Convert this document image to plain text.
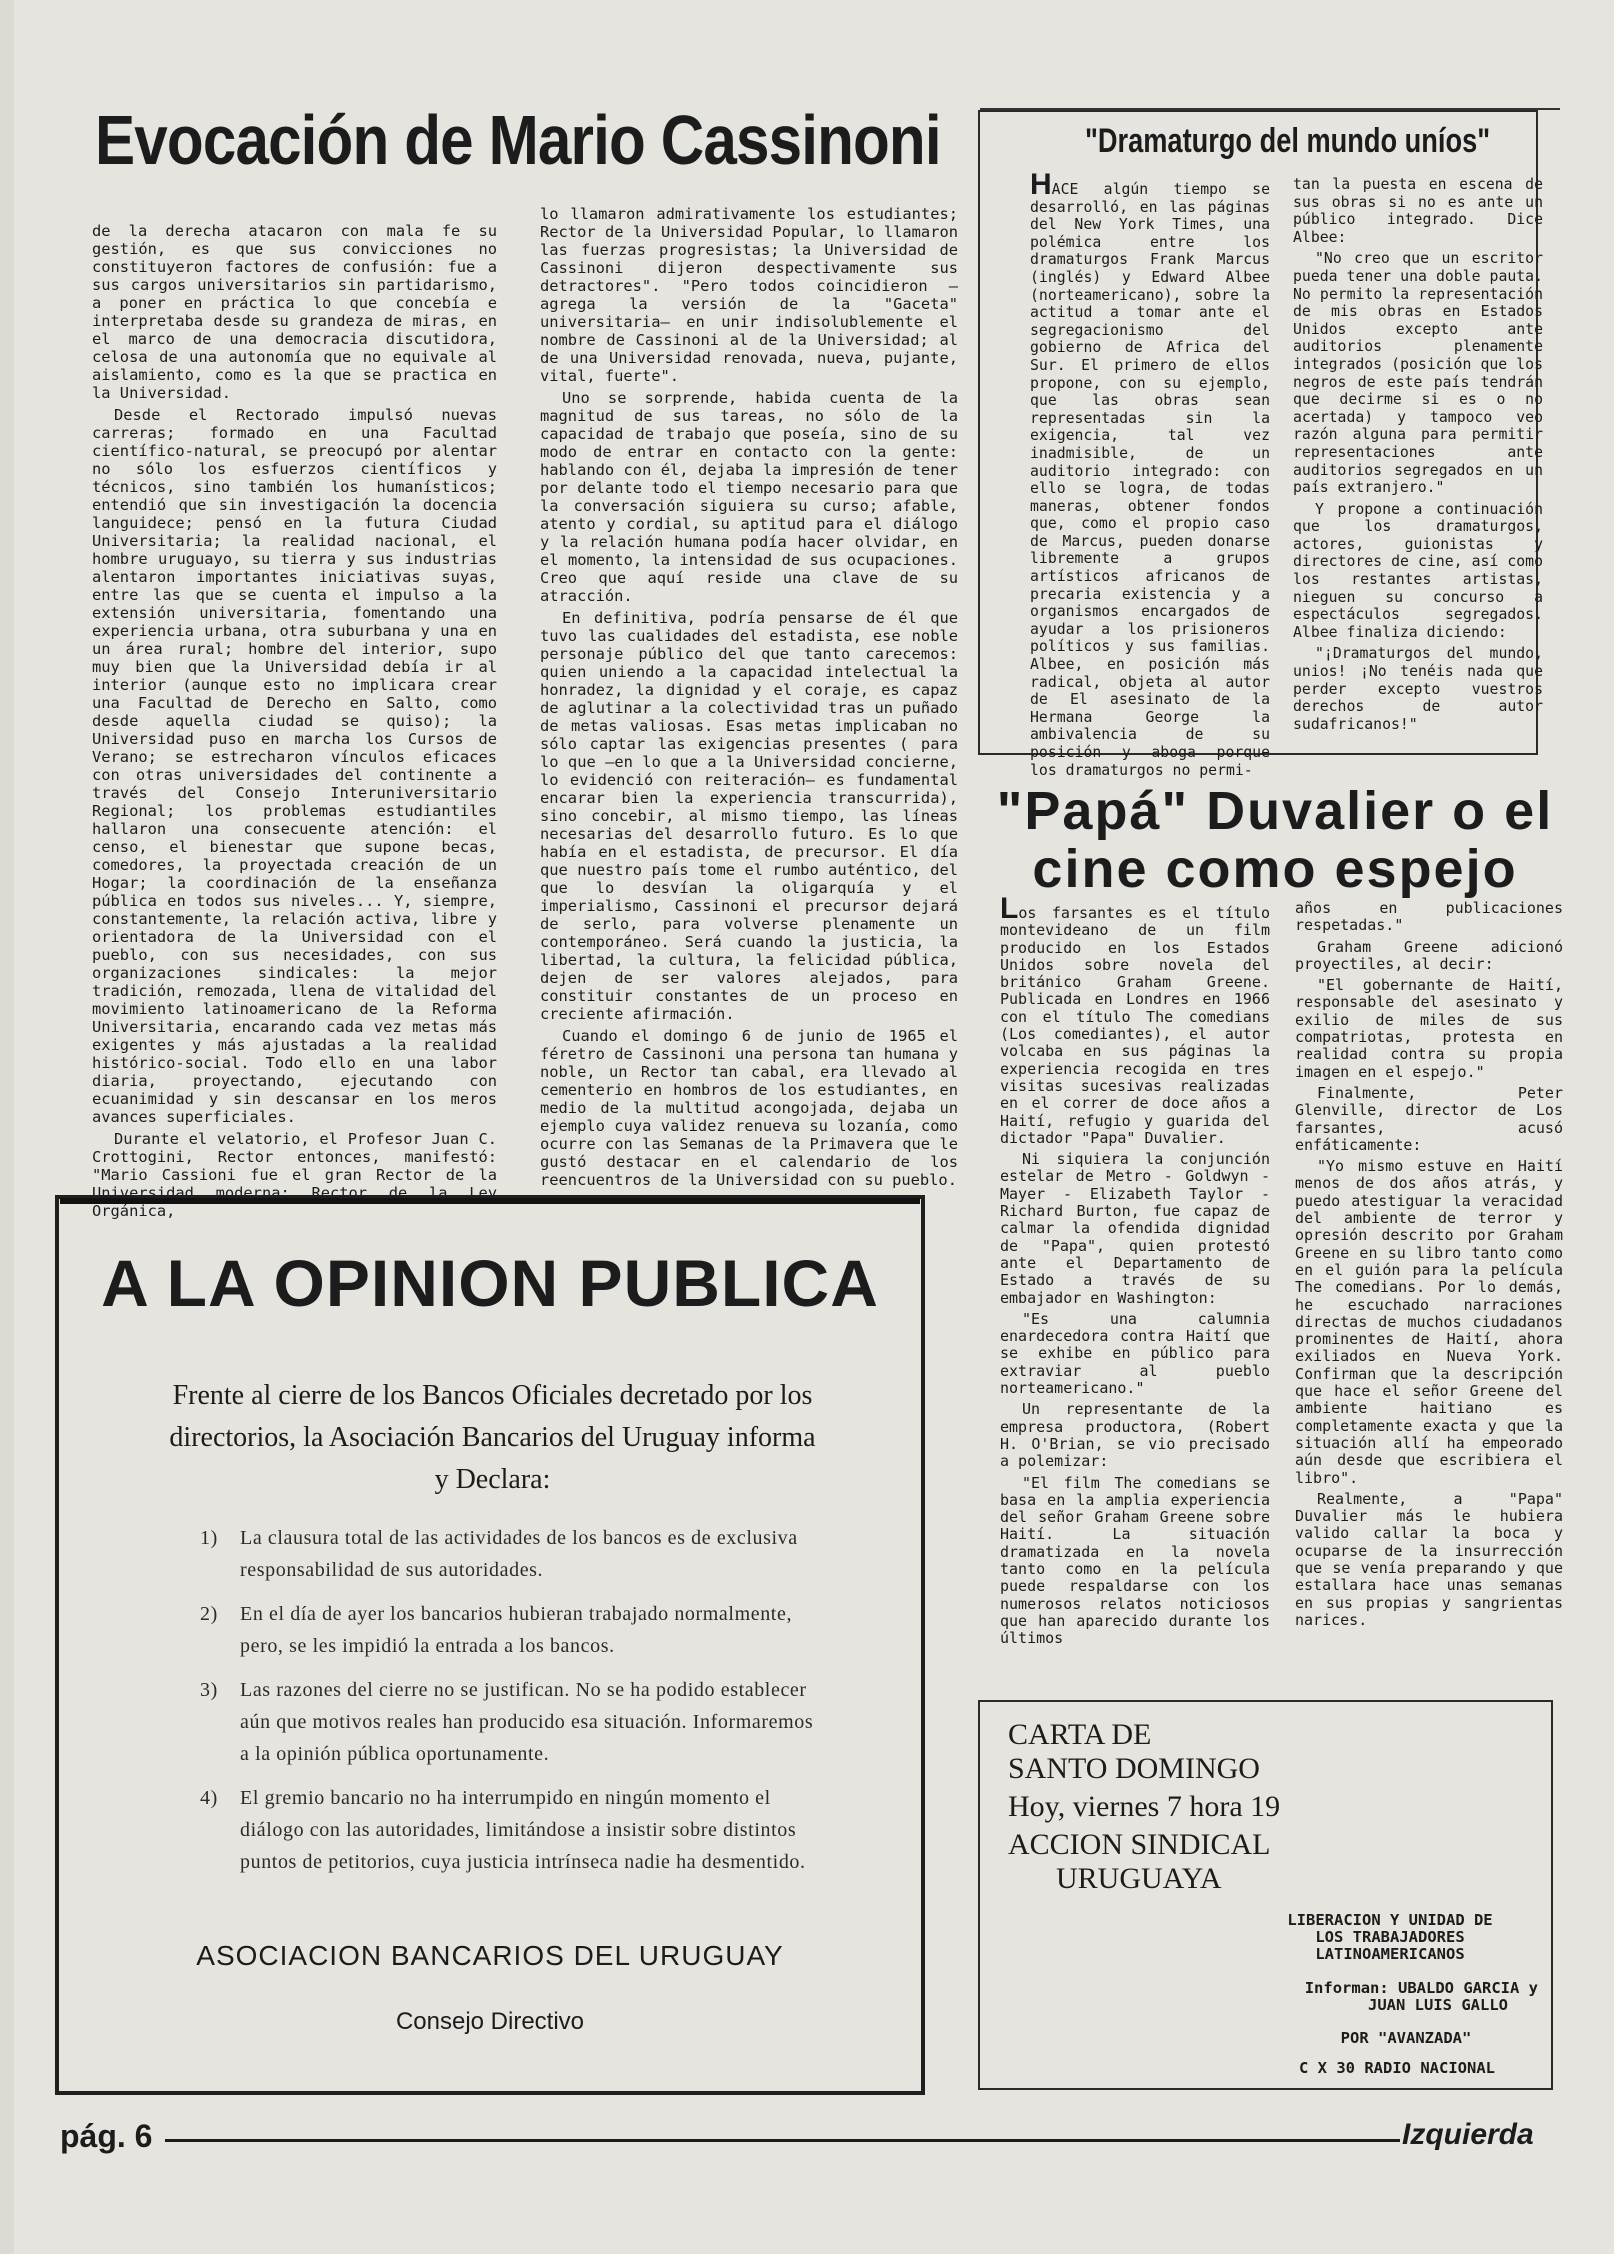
Evocación de Mario Cassinoni

de la derecha atacaron con mala fe su gestión, es que sus convicciones no constituyeron factores de confusión: fue a sus cargos universitarios sin partidarismo, a poner en práctica lo que concebía e interpretaba desde su grandeza de miras, en el marco de una democracia discutidora, celosa de una autonomía que no equivale al aislamiento, como es la que se practica en la Universidad.

Desde el Rectorado impulsó nuevas carreras; formado en una Facultad científico-natural, se preocupó por alentar no sólo los esfuerzos científicos y técnicos, sino también los humanísticos; entendió que sin investigación la docencia languidece; pensó en la futura Ciudad Universitaria; la realidad nacional, el hombre uruguayo, su tierra y sus industrias alentaron importantes iniciativas suyas, entre las que se cuenta el impulso a la extensión universitaria, fomentando una experiencia urbana, otra suburbana y una en un área rural; hombre del interior, supo muy bien que la Universidad debía ir al interior (aunque esto no implicara crear una Facultad de Derecho en Salto, como desde aquella ciudad se quiso); la Universidad puso en marcha los Cursos de Verano; se estrecharon vínculos eficaces con otras universidades del continente a través del Consejo Interuniversitario Regional; los problemas estudiantiles hallaron una consecuente atención: el censo, el bienestar que supone becas, comedores, la proyectada creación de un Hogar; la coordinación de la enseñanza pública en todos sus niveles... Y, siempre, constantemente, la relación activa, libre y orientadora de la Universidad con el pueblo, con sus necesidades, con sus organizaciones sindicales: la mejor tradición, remozada, llena de vitalidad del movimiento latinoamericano de la Reforma Universitaria, encarando cada vez metas más exigentes y más ajustadas a la realidad histórico-social. Todo ello en una labor diaria, proyectando, ejecutando con ecuanimidad y sin descansar en los meros avances superficiales.

Durante el velatorio, el Profesor Juan C. Crottogini, Rector entonces, manifestó: "Mario Cassioni fue el gran Rector de la Universidad moderna; Rector de la Ley Orgánica,

lo llamaron admirativamente los estudiantes; Rector de la Universidad Popular, lo llamaron las fuerzas progresistas; la Universidad de Cassinoni dijeron despectivamente sus detractores". "Pero todos coincidieron —agrega la versión de la "Gaceta" universitaria— en unir indisolublemente el nombre de Cassinoni al de la Universidad; al de una Universidad renovada, nueva, pujante, vital, fuerte".

Uno se sorprende, habida cuenta de la magnitud de sus tareas, no sólo de la capacidad de trabajo que poseía, sino de su modo de entrar en contacto con la gente: hablando con él, dejaba la impresión de tener por delante todo el tiempo necesario para que la conversación siguiera su curso; afable, atento y cordial, su aptitud para el diálogo y la relación humana podía hacer olvidar, en el momento, la intensidad de sus ocupaciones. Creo que aquí reside una clave de su atracción.

En definitiva, podría pensarse de él que tuvo las cualidades del estadista, ese noble personaje público del que tanto carecemos: quien uniendo a la capacidad intelectual la honradez, la dignidad y el coraje, es capaz de aglutinar a la colectividad tras un puñado de metas valiosas. Esas metas implicaban no sólo captar las exigencias presentes ( para lo que —en lo que a la Universidad concierne, lo evidenció con reiteración— es fundamental encarar bien la experiencia transcurrida), sino concebir, al mismo tiempo, las líneas necesarias del desarrollo futuro. Es lo que había en el estadista, de precursor. El día que nuestro país tome el rumbo auténtico, del que lo desvían la oligarquía y el imperialismo, Cassinoni el precursor dejará de serlo, para volverse plenamente un contemporáneo. Será cuando la justicia, la libertad, la cultura, la felicidad pública, dejen de ser valores alejados, para constituir constantes de un proceso en creciente afirmación.

Cuando el domingo 6 de junio de 1965 el féretro de Cassinoni una persona tan humana y noble, un Rector tan cabal, era llevado al cementerio en hombros de los estudiantes, en medio de la multitud acongojada, dejaba un ejemplo cuya validez renueva su lozanía, como ocurre con las Semanas de la Primavera que le gustó destacar en el calendario de los reencuentros de la Universidad con su pueblo.

"Dramaturgo del mundo uníos"

HACE algún tiempo se desarrolló, en las páginas del New York Times, una polémica entre los dramaturgos Frank Marcus (inglés) y Edward Albee (norteamericano), sobre la actitud a tomar ante el segregacionismo del gobierno de Africa del Sur. El primero de ellos propone, con su ejemplo, que las obras sean representadas sin la exigencia, tal vez inadmisible, de un auditorio integrado: con ello se logra, de todas maneras, obtener fondos que, como el propio caso de Marcus, pueden donarse libremente a grupos artísticos africanos de precaria existencia y a organismos encargados de ayudar a los prisioneros políticos y sus familias. Albee, en posición más radical, objeta al autor de El asesinato de la Hermana George la ambivalencia de su posición y aboga porque los dramaturgos no permi-

tan la puesta en escena de sus obras si no es ante un público integrado. Dice Albee:

"No creo que un escritor pueda tener una doble pauta. No permito la representación de mis obras en Estados Unidos excepto ante auditorios plenamente integrados (posición que los negros de este país tendrán que decirme si es o no acertada) y tampoco veo razón alguna para permitir representaciones ante auditorios segregados en un país extranjero."

Y propone a continuación que los dramaturgos, actores, guionistas y directores de cine, así como los restantes artistas, nieguen su concurso a espectáculos segregados. Albee finaliza diciendo:

"¡Dramaturgos del mundo, unios! ¡No tenéis nada que perder excepto vuestros derechos de autor sudafricanos!"

"Papá" Duvalier o el
cine como espejo

Los farsantes es el título montevideano de un film producido en los Estados Unidos sobre novela del británico Graham Greene. Publicada en Londres en 1966 con el título The comedians (Los comediantes), el autor volcaba en sus páginas la experiencia recogida en tres visitas sucesivas realizadas en el correr de doce años a Haití, refugio y guarida del dictador "Papa" Duvalier.

Ni siquiera la conjunción estelar de Metro - Goldwyn - Mayer - Elizabeth Taylor - Richard Burton, fue capaz de calmar la ofendida dignidad de "Papa", quien protestó ante el Departamento de Estado a través de su embajador en Washington:

"Es una calumnia enardecedora contra Haití que se exhibe en público para extraviar al pueblo norteamericano."

Un representante de la empresa productora, (Robert H. O'Brian, se vio precisado a polemizar:

"El film The comedians se basa en la amplia experiencia del señor Graham Greene sobre Haití. La situación dramatizada en la novela tanto como en la película puede respaldarse con los numerosos relatos noticiosos que han aparecido durante los últimos

años en publicaciones respetadas."

Graham Greene adicionó proyectiles, al decir:

"El gobernante de Haití, responsable del asesinato y exilio de miles de sus compatriotas, protesta en realidad contra su propia imagen en el espejo."

Finalmente, Peter Glenville, director de Los farsantes, acusó enfáticamente:

"Yo mismo estuve en Haití menos de dos años atrás, y puedo atestiguar la veracidad del ambiente de terror y opresión descrito por Graham Greene en su libro tanto como en el guión para la película The comedians. Por lo demás, he escuchado narraciones directas de muchos ciudadanos prominentes de Haití, ahora exiliados en Nueva York. Confirman que la descripción que hace el señor Greene del ambiente haitiano es completamente exacta y que la situación allí ha empeorado aún desde que escribiera el libro".

Realmente, a "Papa" Duvalier más le hubiera valido callar la boca y ocuparse de la insurrección que se venía preparando y que estallara hace unas semanas en sus propias y sangrientas narices.

A LA OPINION PUBLICA
Frente al cierre de los Bancos Oficiales decretado por los directorios, la Asociación Bancarios del Uruguay informa y Declara:
1) La clausura total de las actividades de los bancos es de exclusiva responsabilidad de sus autoridades.
2) En el día de ayer los bancarios hubieran trabajado normalmente, pero, se les impidió la entrada a los bancos.
3) Las razones del cierre no se justifican. No se ha podido establecer aún que motivos reales han producido esa situación. Informaremos a la opinión pública oportunamente.
4) El gremio bancario no ha interrumpido en ningún momento el diálogo con las autoridades, limitándose a insistir sobre distintos puntos de petitorios, cuya justicia intrínseca nadie ha desmentido.
ASOCIACION BANCARIOS DEL URUGUAY
Consejo Directivo
CARTA DE
SANTO DOMINGO
Hoy, viernes 7 hora 19
ACCION SINDICAL
URUGUAYA
LIBERACION Y UNIDAD DE
LOS TRABAJADORES
LATINOAMERICANOS
Informan: UBALDO GARCIA y
JUAN LUIS GALLO
POR "AVANZADA"
C X 30 RADIO NACIONAL
pág. 6	Izquierda
